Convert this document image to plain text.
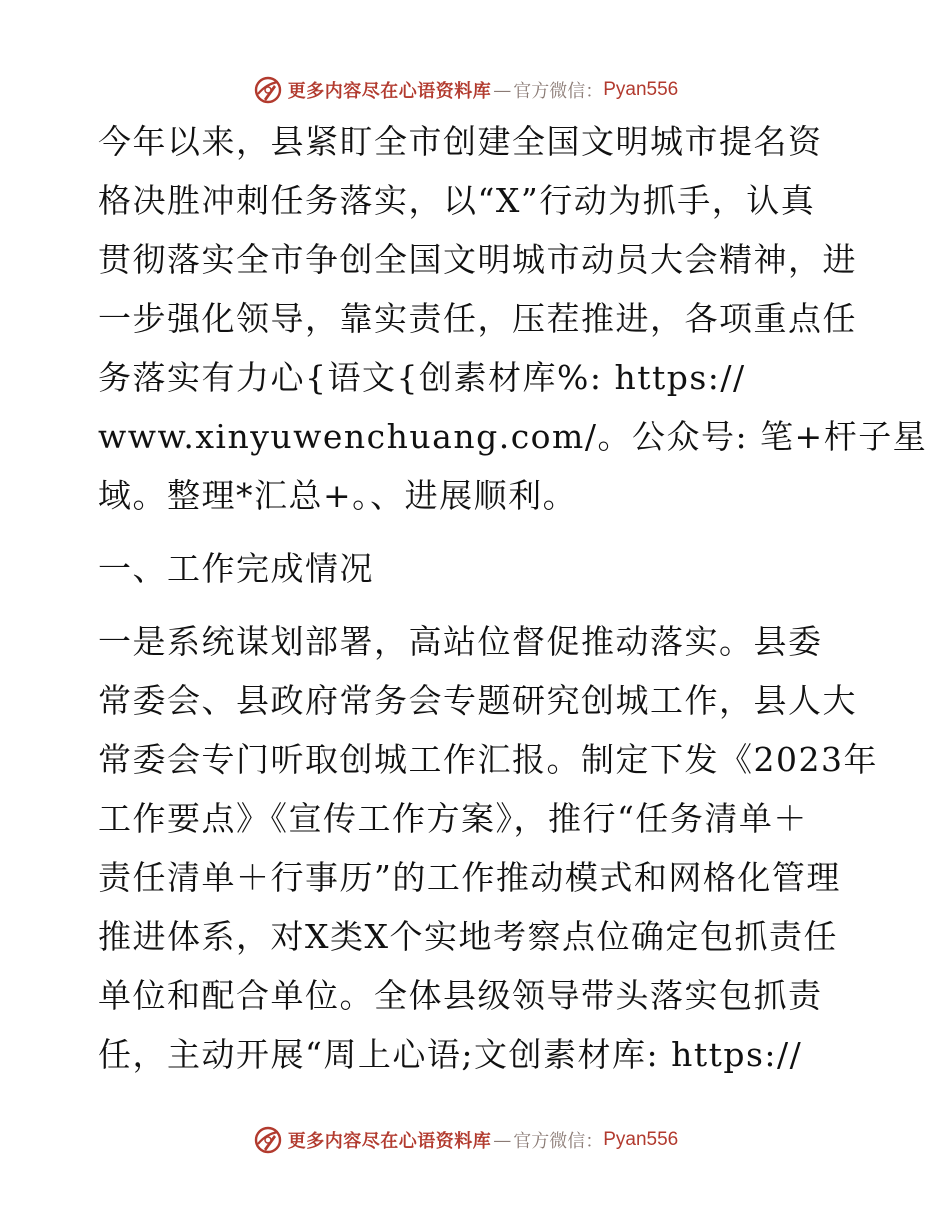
更多内容尽在心语资料库 — 官方微信： Pyan556
今年以来，县紧盯全市创建全国文明城市提名资
格决胜冲刺任务落实，以“X”行动为抓手，认真
贯彻落实全市争创全国文明城市动员大会精神，进
一步强化领导，靠实责任，压茬推进，各项重点任
务落实有力心{语文{创素材库%: https://
www.xinyuwenchuang.com/。公众号: 笔+杆子星
域。整理*汇总+。、进展顺利。
一、工作完成情况
一是系统谋划部署，高站位督促推动落实。县委
常委会、县政府常务会专题研究创城工作，县人大
常委会专门听取创城工作汇报。制定下发《2023年
工作要点》《宣传工作方案》，推行“任务清单＋
责任清单＋行事历”的工作推动模式和网格化管理
推进体系，对X类X个实地考察点位确定包抓责任
单位和配合单位。全体县级领导带头落实包抓责
任，主动开展“周上心语;文创素材库: https://
更多内容尽在心语资料库 — 官方微信： Pyan556
